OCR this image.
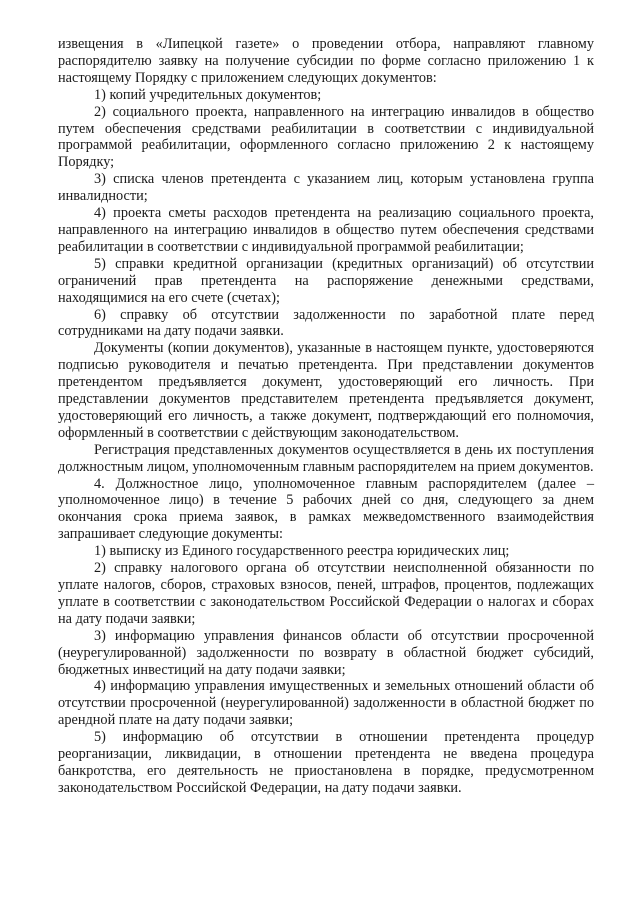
извещения в «Липецкой газете» о проведении отбора, направляют главному распорядителю заявку на получение субсидии по форме согласно приложению 1 к настоящему Порядку с приложением следующих документов:

1) копий учредительных документов;

2) социального проекта, направленного на интеграцию инвалидов в общество путем обеспечения средствами реабилитации в соответствии с индивидуальной программой реабилитации, оформленного согласно приложению 2 к настоящему Порядку;

3) списка членов претендента с указанием лиц, которым установлена группа инвалидности;

4) проекта сметы расходов претендента на реализацию социального проекта, направленного на интеграцию инвалидов в общество путем обеспечения средствами реабилитации в соответствии с индивидуальной программой реабилитации;

5) справки кредитной организации (кредитных организаций) об отсутствии ограничений прав претендента на распоряжение денежными средствами, находящимися на его счете (счетах);

6) справку об отсутствии задолженности по заработной плате перед сотрудниками на дату подачи заявки.

Документы (копии документов), указанные в настоящем пункте, удостоверяются подписью руководителя и печатью претендента. При представлении документов претендентом предъявляется документ, удостоверяющий его личность. При представлении документов представителем претендента предъявляется документ, удостоверяющий его личность, а также документ, подтверждающий его полномочия, оформленный в соответствии с действующим законодательством.

Регистрация представленных документов осуществляется в день их поступления должностным лицом, уполномоченным главным распорядителем на прием документов.

4. Должностное лицо, уполномоченное главным распорядителем (далее – уполномоченное лицо) в течение 5 рабочих дней со дня, следующего за днем окончания срока приема заявок, в рамках межведомственного взаимодействия запрашивает следующие документы:

1) выписку из Единого государственного реестра юридических лиц;

2) справку налогового органа об отсутствии неисполненной обязанности по уплате налогов, сборов, страховых взносов, пеней, штрафов, процентов, подлежащих уплате в соответствии с законодательством Российской Федерации о налогах и сборах на дату подачи заявки;

3) информацию управления финансов области об отсутствии просроченной (неурегулированной) задолженности по возврату в областной бюджет субсидий, бюджетных инвестиций на дату подачи заявки;

4) информацию управления имущественных и земельных отношений области об отсутствии просроченной (неурегулированной) задолженности в областной бюджет по арендной плате на дату подачи заявки;

5) информацию об отсутствии в отношении претендента процедур реорганизации, ликвидации, в отношении претендента не введена процедура банкротства, его деятельность не приостановлена в порядке, предусмотренном законодательством Российской Федерации, на дату подачи заявки.
